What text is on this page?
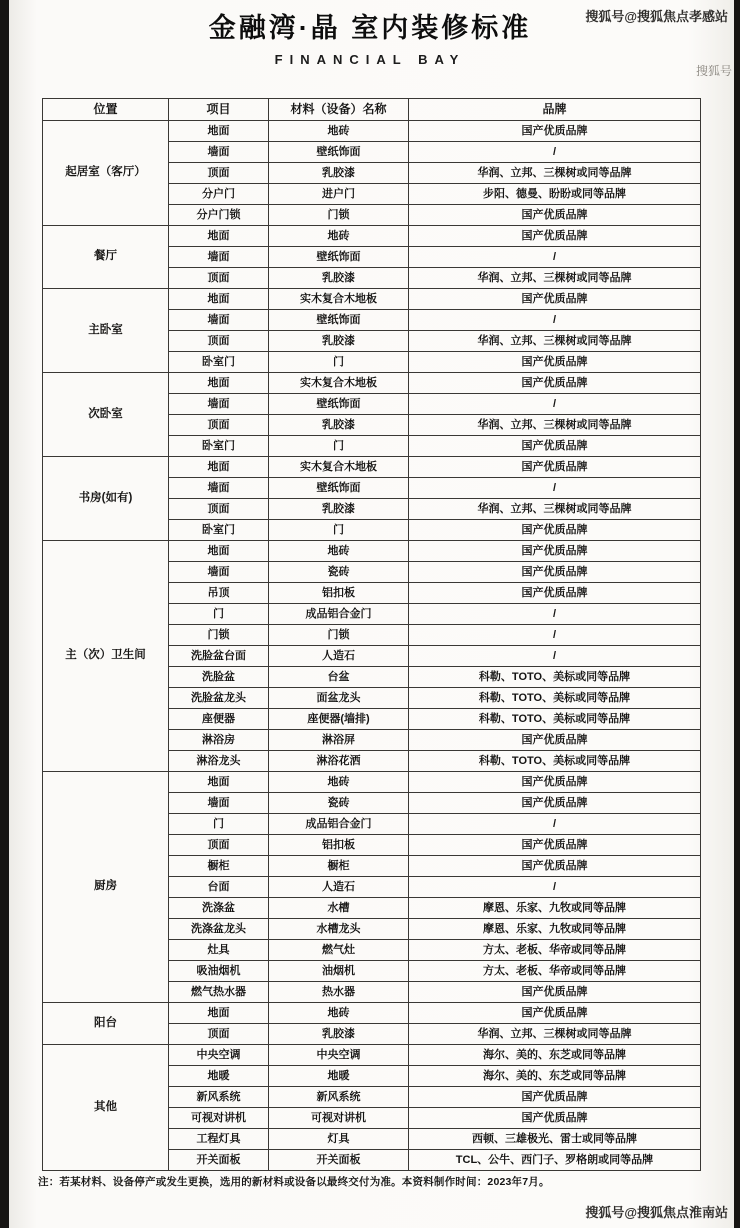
搜狐号@搜狐焦点孝感站
搜狐号
金融湾·晶 室内装修标准
FINANCIAL BAY
位置	项目	材料（设备）名称	品牌
起居室（客厅）	地面	地砖	国产优质品牌
	墙面	壁纸饰面	/
	顶面	乳胶漆	华润、立邦、三棵树或同等品牌
	分户门	进户门	步阳、德曼、盼盼或同等品牌
	分户门锁	门锁	国产优质品牌
餐厅	地面	地砖	国产优质品牌
	墙面	壁纸饰面	/
	顶面	乳胶漆	华润、立邦、三棵树或同等品牌
主卧室	地面	实木复合木地板	国产优质品牌
	墙面	壁纸饰面	/
	顶面	乳胶漆	华润、立邦、三棵树或同等品牌
	卧室门	门	国产优质品牌
次卧室	地面	实木复合木地板	国产优质品牌
	墙面	壁纸饰面	/
	顶面	乳胶漆	华润、立邦、三棵树或同等品牌
	卧室门	门	国产优质品牌
书房(如有)	地面	实木复合木地板	国产优质品牌
	墙面	壁纸饰面	/
	顶面	乳胶漆	华润、立邦、三棵树或同等品牌
	卧室门	门	国产优质品牌
主（次）卫生间	地面	地砖	国产优质品牌
	墙面	瓷砖	国产优质品牌
	吊顶	铝扣板	国产优质品牌
	门	成品铝合金门	/
	门锁	门锁	/
	洗脸盆台面	人造石	/
	洗脸盆	台盆	科勒、TOTO、美标或同等品牌
	洗脸盆龙头	面盆龙头	科勒、TOTO、美标或同等品牌
	座便器	座便器(墙排)	科勒、TOTO、美标或同等品牌
	淋浴房	淋浴屏	国产优质品牌
	淋浴龙头	淋浴花洒	科勒、TOTO、美标或同等品牌
厨房	地面	地砖	国产优质品牌
	墙面	瓷砖	国产优质品牌
	门	成品铝合金门	/
	顶面	铝扣板	国产优质品牌
	橱柜	橱柜	国产优质品牌
	台面	人造石	/
	洗涤盆	水槽	摩恩、乐家、九牧或同等品牌
	洗涤盆龙头	水槽龙头	摩恩、乐家、九牧或同等品牌
	灶具	燃气灶	方太、老板、华帝或同等品牌
	吸油烟机	油烟机	方太、老板、华帝或同等品牌
	燃气热水器	热水器	国产优质品牌
阳台	地面	地砖	国产优质品牌
	顶面	乳胶漆	华润、立邦、三棵树或同等品牌
其他	中央空调	中央空调	海尔、美的、东芝或同等品牌
	地暖	地暖	海尔、美的、东芝或同等品牌
	新风系统	新风系统	国产优质品牌
	可视对讲机	可视对讲机	国产优质品牌
	工程灯具	灯具	西顿、三雄极光、雷士或同等品牌
	开关面板	开关面板	TCL、公牛、西门子、罗格朗或同等品牌
注：若某材料、设备停产或发生更换，选用的新材料或设备以最终交付为准。本资料制作时间：2023年7月。
搜狐号@搜狐焦点淮南站
